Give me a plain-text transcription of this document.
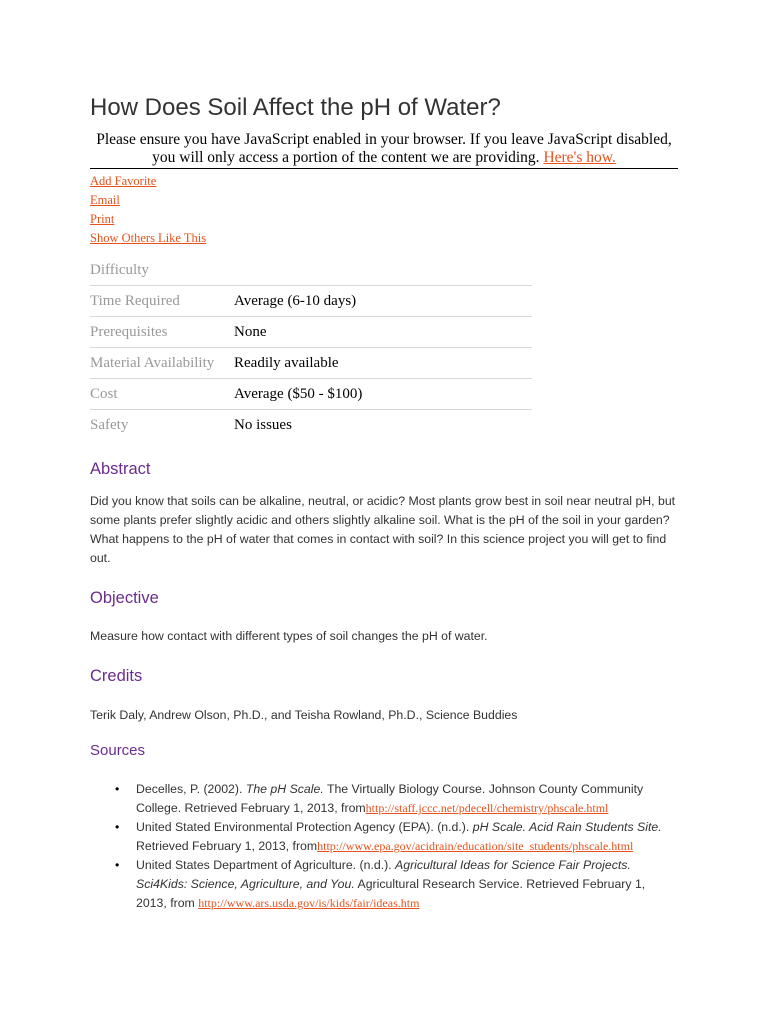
How Does Soil Affect the pH of Water?
Please ensure you have JavaScript enabled in your browser. If you leave JavaScript disabled, you will only access a portion of the content we are providing. Here's how.
Add Favorite
Email
Print
Show Others Like This
Difficulty	
Time Required	Average (6-10 days)
Prerequisites	None
Material Availability	Readily available
Cost	Average ($50 - $100)
Safety	No issues
Abstract

Did you know that soils can be alkaline, neutral, or acidic? Most plants grow best in soil near neutral pH, but some plants prefer slightly acidic and others slightly alkaline soil. What is the pH of the soil in your garden? What happens to the pH of water that comes in contact with soil? In this science project you will get to find out.

Objective

Measure how contact with different types of soil changes the pH of water.

Credits

Terik Daly, Andrew Olson, Ph.D., and Teisha Rowland, Ph.D., Science Buddies

Sources
• Decelles, P. (2002). The pH Scale. The Virtually Biology Course. Johnson County Community College. Retrieved February 1, 2013, fromhttp://staff.jccc.net/pdecell/chemistry/phscale.html
• United Stated Environmental Protection Agency (EPA). (n.d.). pH Scale. Acid Rain Students Site. Retrieved February 1, 2013, fromhttp://www.epa.gov/acidrain/education/site_students/phscale.html
• United States Department of Agriculture. (n.d.). Agricultural Ideas for Science Fair Projects. Sci4Kids: Science, Agriculture, and You. Agricultural Research Service. Retrieved February 1, 2013, from http://www.ars.usda.gov/is/kids/fair/ideas.htm
